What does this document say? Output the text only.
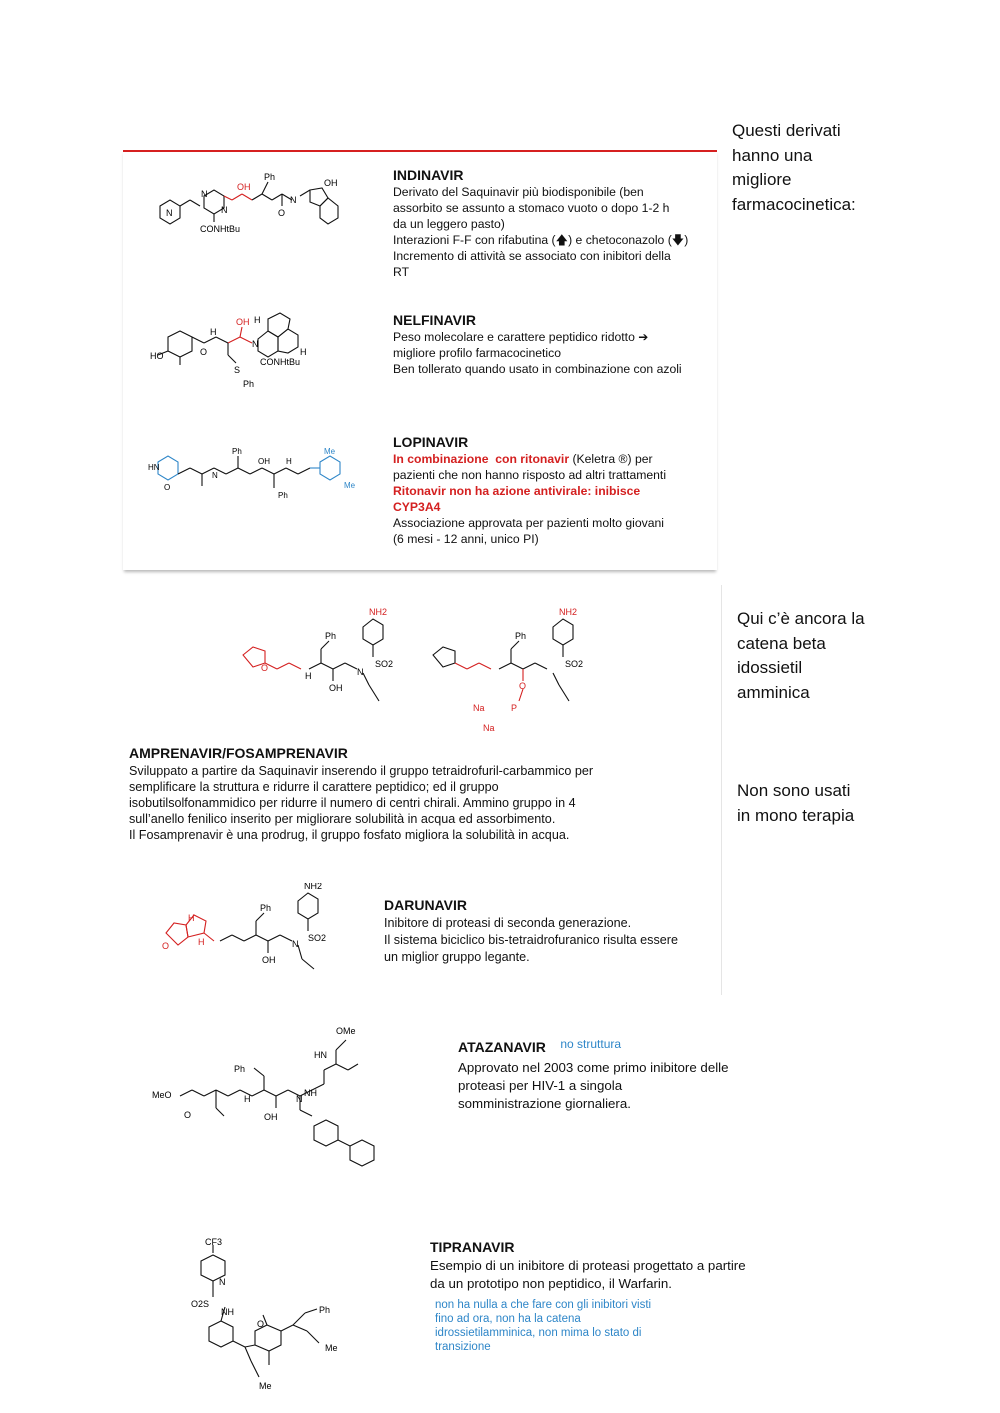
Questi derivati
hanno una
migliore
farmacocinetica:
Qui c’è ancora la
catena beta
idossietil
amminica
Non sono usati
in mono terapia
N
N
N
OH
Ph
OH
CONHtBu
N
O
INDINAVIR
Derivato del Saquinavir più biodisponibile (ben
assorbito se assunto a stomaco vuoto o dopo 1-2 h
da un leggero pasto)
Interazioni F-F con rifabutina (🡅) e chetoconazolo (🡇)
Incremento di attività se associato con inibitori della
RT
HO
OH H
H
CONHtBu
S
Ph
N
H
O
NELFINAVIR
Peso molecolare e carattere peptidico ridotto ➔
migliore profilo farmacocinetico
Ben tollerato quando usato in combinazione con azoli
HN
Ph
OH
Ph
Me
Me
O
N
H
LOPINAVIR
In combinazione  con ritonavir (Keletra ®) per
pazienti che non hanno risposto ad altri trattamenti
Ritonavir non ha azione antivirale: inibisce
CYP3A4
Associazione approvata per pazienti molto giovani
(6 mesi - 12 anni, unico PI)
NH2
Ph
SO2
OH
O	N
H
NH2
Ph
SO2
Na
Na
P
O
AMPRENAVIR/FOSAMPRENAVIR
Sviluppato a partire da Saquinavir inserendo il gruppo tetraidrofuril-carbammico per
semplificare la struttura e ridurre il carattere peptidico; ed il gruppo
isobutilsolfonammidico per ridurre il numero di centri chirali. Ammino gruppo in 4
sull’anello fenilico inserito per migliorare solubilità in acqua ed assorbimento.
Il Fosamprenavir è una prodrug, il gruppo fosfato migliora la solubilità in acqua.
NH2
Ph
SO2
OH
H
H
O	N
DARUNAVIR
Inibitore di proteasi di seconda generazione.
Il sistema biciclico bis-tetraidrofuranico risulta essere
un miglior gruppo legante.
OMe
MeO
HN
Ph
OH
NH
N
H
O
ATAZANAVIR $^{no struttura}$
Approvato nel 2003 come primo inibitore delle
proteasi per HIV-1 a singola
somministrazione giornaliera.
CF3
N
O2S
NH
O
Ph
Me
Me
TIPRANAVIR
Esempio di un inibitore di proteasi progettato a partire
da un prototipo non peptidico, il Warfarin.
non ha nulla a che fare con gli inibitori visti
fino ad ora, non ha la catena
idrossietilamminica, non mima lo stato di
transizione
